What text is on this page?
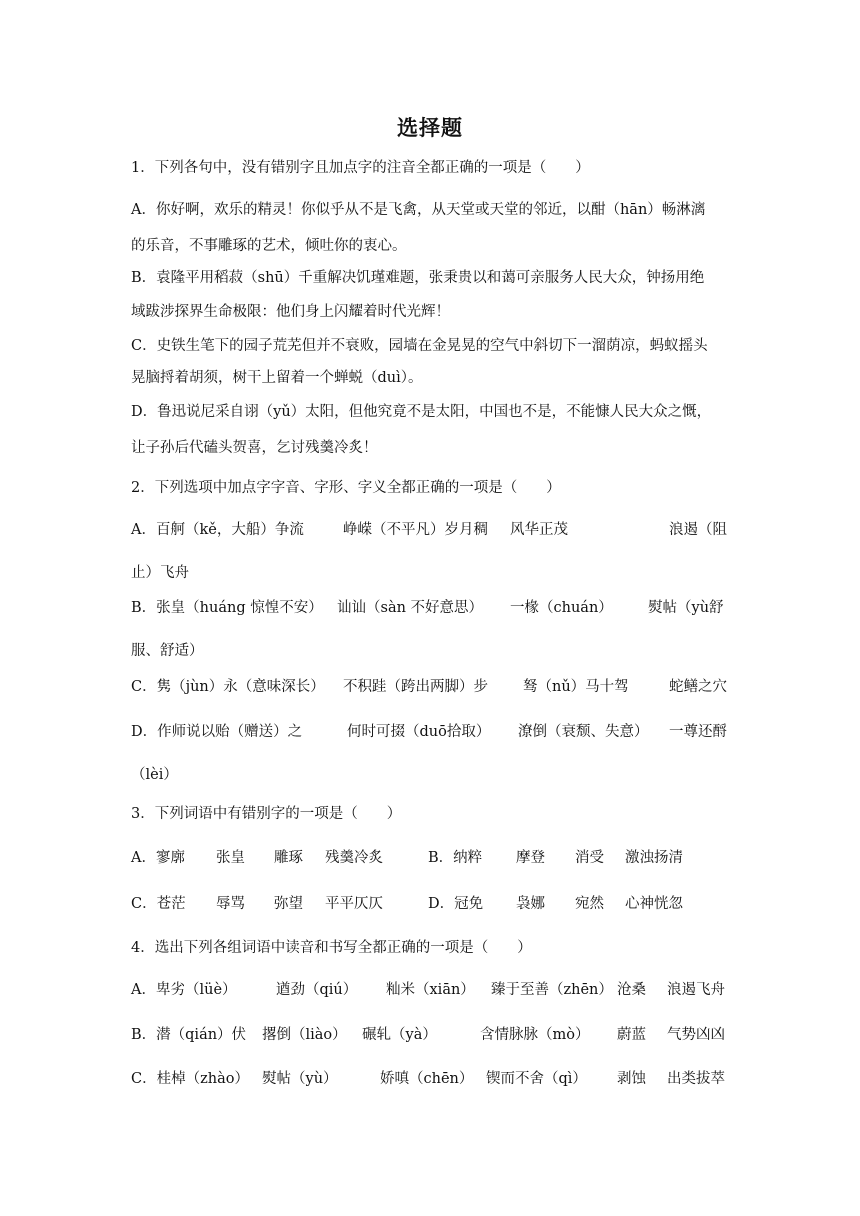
选择题
1．下列各句中，没有错别字且加点字的注音全都正确的一项是（　　）
A．你好啊，欢乐的精灵！你似乎从不是飞禽，从天堂或天堂的邻近，以酣（hān）畅淋漓
的乐音，不事雕琢的艺术，倾吐你的衷心。
B．袁隆平用稻菽（shū）千重解决饥瑾难题，张秉贵以和蔼可亲服务人民大众，钟扬用绝
域跋涉探界生命极限：他们身上闪耀着时代光辉！
C．史铁生笔下的园子荒芜但并不衰败，园墙在金晃晃的空气中斜切下一溜荫凉，蚂蚁摇头
晃脑捋着胡须，树干上留着一个蝉蜕（duì）。
D．鲁迅说尼采自诩（yǔ）太阳，但他究竟不是太阳，中国也不是，不能慷人民大众之慨，
让子孙后代磕头贺喜，乞讨残羹冷炙！
2．下列选项中加点字字音、字形、字义全都正确的一项是（　　）
A．百舸（kě，大船）争流	峥嵘（不平凡）岁月稠 风华正茂	浪遏（阻
止）飞舟
B．张皇（huáng 惊惶不安） 讪讪（sàn 不好意思） 一椽（chuán） 熨帖（yù舒
服、舒适）
C．隽（jùn）永（意味深长） 不积跬（跨出两脚）步 驽（nǔ）马十驾	蛇鳝之穴
D．作师说以贻（赠送）之	何时可掇（duō拾取） 潦倒（衰颓、失意） 一尊还酹
（lèi）
3．下列词语中有错别字的一项是（　　）
A．寥廓 张皇 雕琢 残羹冷炙	B．纳粹 摩登 消受 激浊扬清
C．苍茫 辱骂 弥望 平平仄仄	D．冠免 袅娜 宛然 心神恍忽
4．选出下列各组词语中读音和书写全都正确的一项是（　　）
A．卑劣（lüè）	遒劲（qiú） 籼米（xiān） 臻于至善（zhēn） 沧桑 浪遏飞舟
B．潜（qián）伏 撂倒（liào） 碾轧（yà）	含情脉脉（mò） 蔚蓝 气势凶凶
C．桂棹（zhào） 熨帖（yù）	娇嗔（chēn） 锲而不舍（qì） 剥蚀 出类拔萃
